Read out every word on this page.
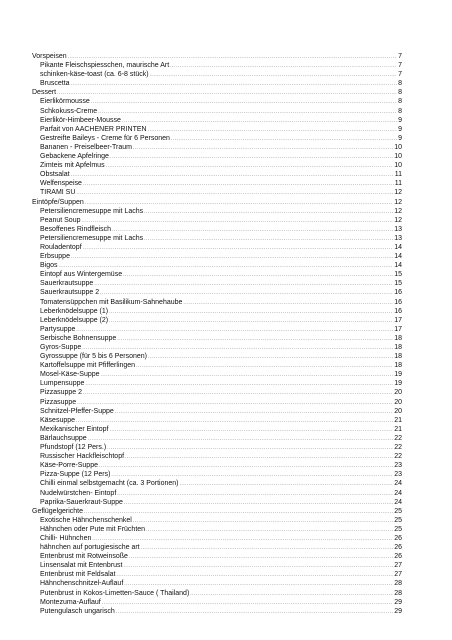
Vorspeisen .....	7
Pikante Fleischspiesschen, maurische Art .....	7
schinken-käse-toast (ca. 6-8 stück) .....	7
Bruscetta .....	8
Dessert .....	8
Eierlikörmousse .....	8
Schkokuss-Creme .....	8
Eierlikör-Himbeer-Mousse .....	9
Parfait von AACHENER PRINTEN .....	9
Gestreifte Baileys - Creme für 6 Personen .....	9
Bananen - Preiselbeer-Traum .....	10
Gebackene Apfelringe .....	10
Zimteis mit Apfelmus .....	10
Obstsalat .....	11
Welfenspeise .....	11
TIRAMI SU .....	12
Eintöpfe/Suppen .....	12
Petersiliencremesuppe mit Lachs .....	12
Peanut Soup .....	12
Besoffenes Rindfleisch .....	13
Petersiliencremesuppe mit Lachs .....	13
Rouladentopf .....	14
Erbsuppe .....	14
Bigos .....	14
Eintopf aus Wintergemüse .....	15
Sauerkrautsuppe .....	15
Sauerkrautsuppe 2 .....	16
Tomatensüppchen mit Basilikum-Sahnehaube .....	16
Leberknödelsuppe (1) .....	16
Leberknödelsuppe (2) .....	17
Partysuppe .....	17
Serbische Bohnensuppe .....	18
Gyros-Suppe .....	18
Gyrossuppe (für 5 bis 6 Personen) .....	18
Kartoffelsuppe mit Pfifferlingen .....	18
Mosel-Käse-Suppe .....	19
Lumpensuppe .....	19
Pizzasuppe 2 .....	20
Pizzasuppe .....	20
Schnitzel-Pfeffer-Suppe .....	20
Käsesuppe .....	21
Mexikanischer Eintopf .....	21
Bärlauchsuppe .....	22
Pfundstopf (12 Pers.) .....	22
Russischer Hackfleischtopf .....	22
Käse-Porre-Suppe .....	23
Pizza-Suppe (12 Pers) .....	23
Chilli einmal selbstgemacht (ca. 3 Portionen) .....	24
Nudelwürstchen- Eintopf .....	24
Paprika-Sauerkraut-Suppe .....	24
Geflügelgerichte .....	25
Exotische Hähnchenschenkel .....	25
Hähnchen oder Pute mit Früchten .....	25
Chilli- Hühnchen .....	26
hähnchen auf portugiesische art .....	26
Entenbrust mit Rotweinsoße .....	26
Linsensalat mit Entenbrust .....	27
Entenbrust mit Feldsalat .....	27
Hähnchenschnitzel-Auflauf .....	28
Putenbrust in Kokos-Limetten-Sauce ( Thailand) .....	28
Montezuma-Auflauf .....	29
Putengulasch ungarisch .....	29
